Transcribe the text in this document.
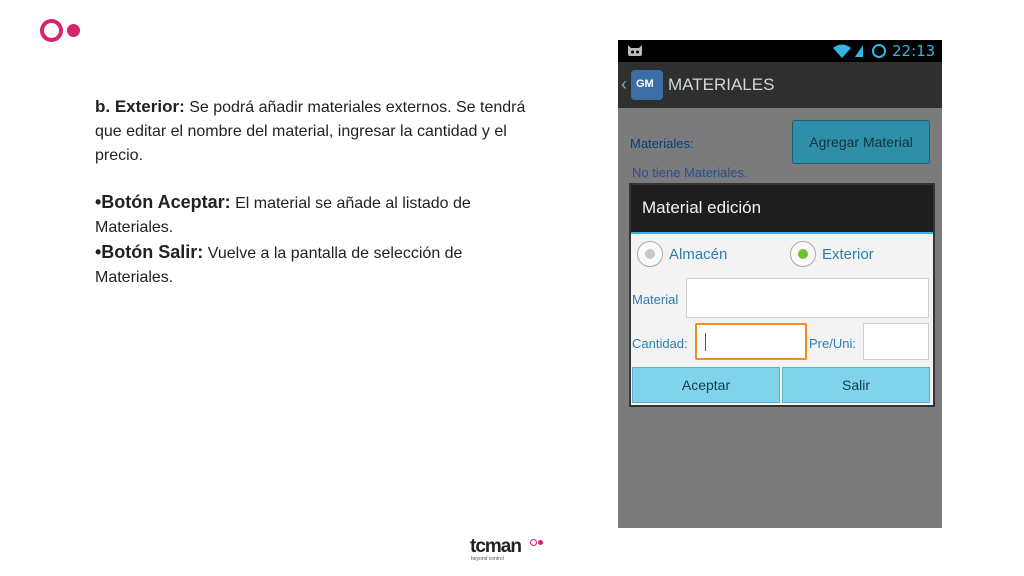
b. Exterior: Se podrá añadir materiales externos. Se tendrá que editar el nombre del material, ingresar la cantidad y el precio.

•Botón Aceptar: El material se añade al listado de Materiales.

•Botón Salir: Vuelve a la pantalla de selección de Materiales.

22:13
‹ GM MATERIALES
Materiales:	Agregar Material
No tiene Materiales.
Material edición
Almacén	Exterior
Material
Cantidad:	Pre/Uni:
Aceptar	Salir
tcman
beyond control
